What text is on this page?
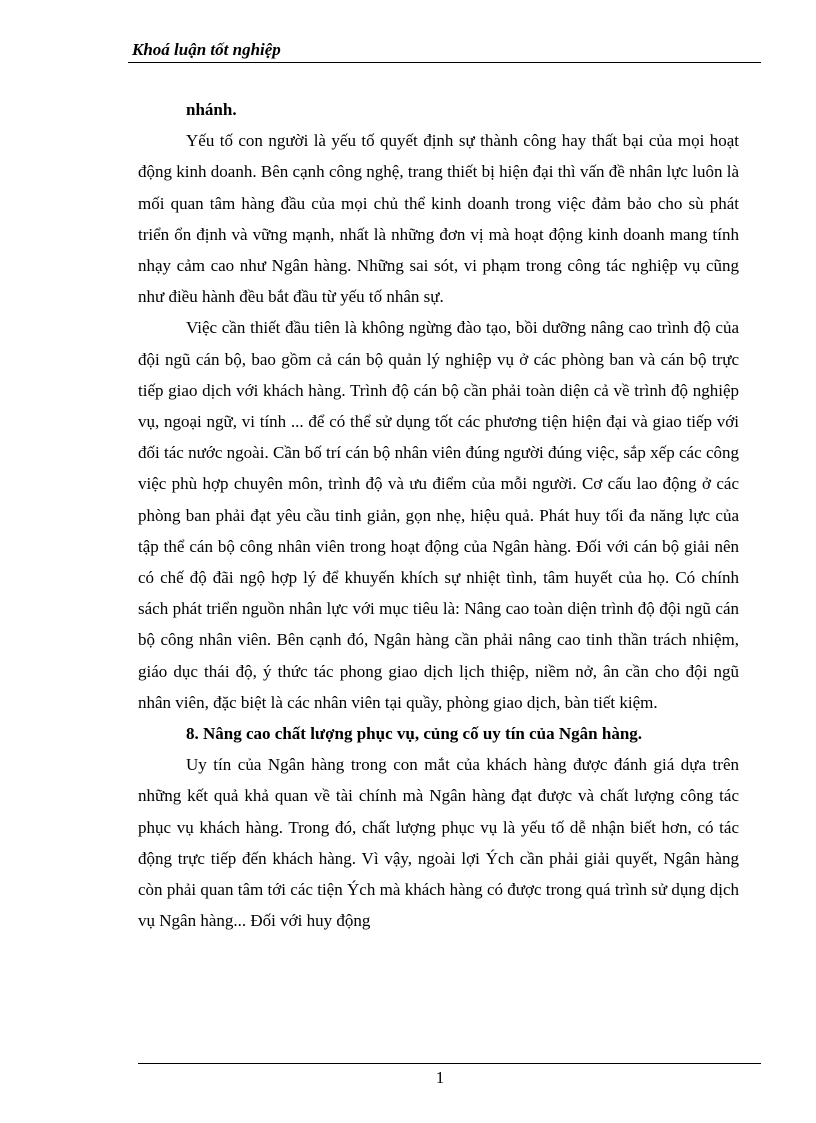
Khoá luận tốt nghiệp

nhánh.

Yếu tố con người là yếu tố quyết định sự thành công hay thất bại của mọi hoạt động kinh doanh. Bên cạnh công nghệ, trang thiết bị hiện đại thì vấn đề nhân lực luôn là mối quan tâm hàng đầu của mọi chủ thể kinh doanh trong việc đảm bảo cho sù phát triển ổn định và vững mạnh, nhất là những đơn vị mà hoạt động kinh doanh mang tính nhạy cảm cao như Ngân hàng. Những sai sót, vi phạm trong công tác nghiệp vụ cũng như điều hành đều bắt đầu từ yếu tố nhân sự.

Việc cần thiết đầu tiên là không ngừng đào tạo, bồi dưỡng nâng cao trình độ của đội ngũ cán bộ, bao gồm cả cán bộ quản lý nghiệp vụ ở các phòng ban và cán bộ trực tiếp giao dịch với khách hàng. Trình độ cán bộ cần phải toàn diện cả về trình độ nghiệp vụ, ngoại ngữ, vi tính ... để có thể sử dụng tốt các phương tiện hiện đại và giao tiếp với đối tác nước ngoài. Cần bố trí cán bộ nhân viên đúng người đúng việc, sắp xếp các công việc phù hợp chuyên môn, trình độ và ưu điểm của mỗi người. Cơ cấu lao động ở các phòng ban phải đạt yêu cầu tinh giản, gọn nhẹ, hiệu quả. Phát huy tối đa năng lực của tập thể cán bộ công nhân viên trong hoạt động của Ngân hàng. Đối với cán bộ giải nên có chế độ đãi ngộ hợp lý để khuyến khích sự nhiệt tình, tâm huyết của họ. Có chính sách phát triển nguồn nhân lực với mục tiêu là: Nâng cao toàn diện trình độ đội ngũ cán bộ công nhân viên. Bên cạnh đó, Ngân hàng cần phải nâng cao tinh thần trách nhiệm, giáo dục thái độ, ý thức tác phong giao dịch lịch thiệp, niềm nở, ân cần cho đội ngũ nhân viên, đặc biệt là các nhân viên tại quầy, phòng giao dịch, bàn tiết kiệm.

8. Nâng cao chất lượng phục vụ, củng cố uy tín của Ngân hàng.

Uy tín của Ngân hàng trong con mắt của khách hàng được đánh giá dựa trên những kết quả khả quan về tài chính mà Ngân hàng đạt được và chất lượng công tác phục vụ khách hàng. Trong đó, chất lượng phục vụ là yếu tố dễ nhận biết hơn, có tác động trực tiếp đến khách hàng. Vì vậy, ngoài lợi Ých cần phải giải quyết, Ngân hàng còn phải quan tâm tới các tiện Ých mà khách hàng có được trong quá trình sử dụng dịch vụ Ngân hàng... Đối với huy động

1
